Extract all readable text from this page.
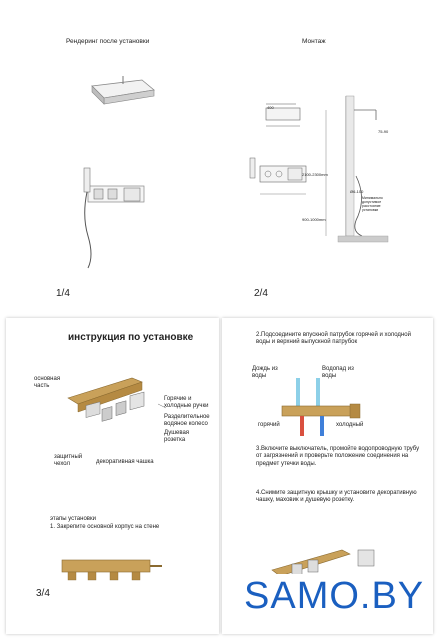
Рендеринг после установки
1/4
Монтаж
400
75-90
2100-2300mm
900-1000mm
Минимально
допустимое
расстояние
установки
Ø6-100
2/4
инструкция по установке
основная
часть
Горячие и
холодные ручки
Разделительное
водяное колесо
Душевая
розетка
защитный
чехол	декоративная чашка
этапы установки
1. Закрепите основной корпус на стене
3/4
2.Подсоедините впускной патрубок горячей и холодной воды и верхний выпускной патрубок
Дождь из
воды
Водопад из
воды
горячий	холодный
3.Включите выключатель, промойте водопроводную трубу от загрязнений и проверьте положение соединения на предмет утечки воды.
4.Снимите защитную крышку и установите декоративную чашку, маховик и душевую розетку.
SAMO.BY
